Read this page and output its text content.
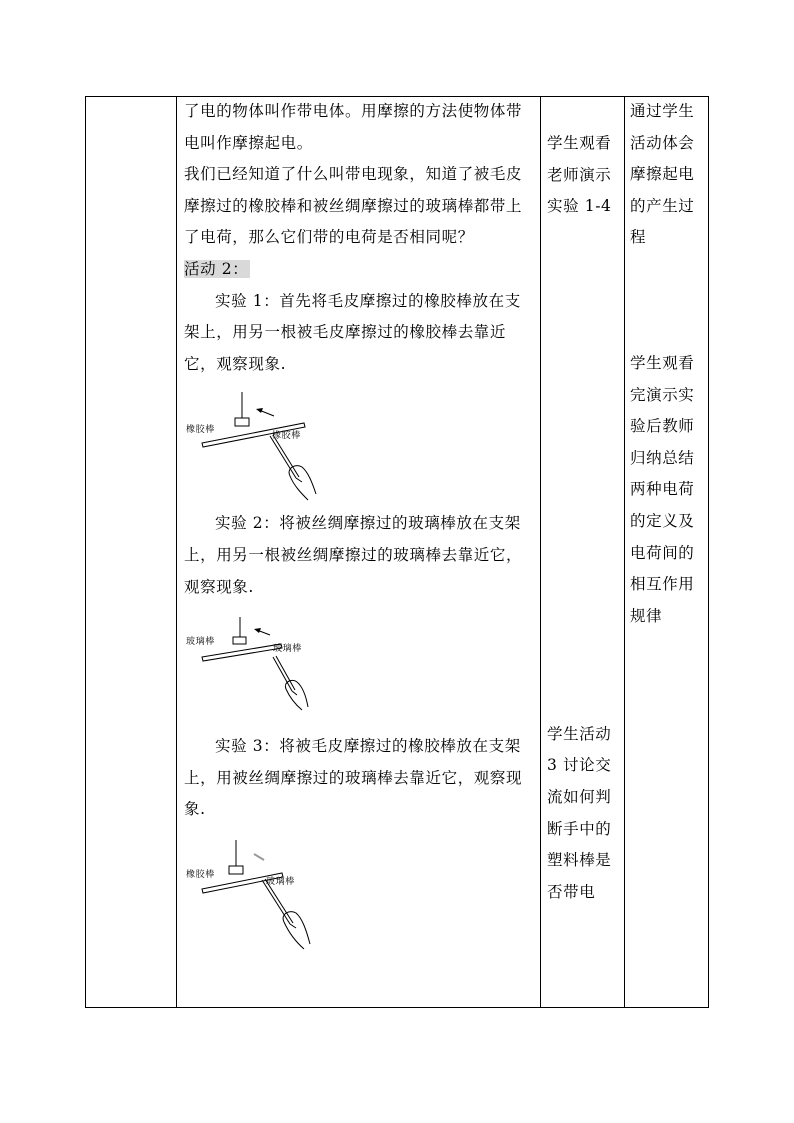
了电的物体叫作带电体。用摩擦的方法使物体带电叫作摩擦起电。

我们已经知道了什么叫带电现象，知道了被毛皮摩擦过的橡胶棒和被丝绸摩擦过的玻璃棒都带上了电荷，那么它们带的电荷是否相同呢？

活动 2：

实验 1：首先将毛皮摩擦过的橡胶棒放在支架上，用另一根被毛皮摩擦过的橡胶棒去靠近它，观察现象.

橡胶棒
橡胶棒

实验 2：将被丝绸摩擦过的玻璃棒放在支架上，用另一根被丝绸摩擦过的玻璃棒去靠近它，观察现象.

玻璃棒
玻璃棒

实验 3：将被毛皮摩擦过的橡胶棒放在支架上，用被丝绸摩擦过的玻璃棒去靠近它，观察现象.

橡胶棒
玻璃棒

学生观看老师演示实验 1-4

学生活动 3 讨论交流如何判断手中的塑料棒是否带电

通过学生活动体会摩擦起电的产生过程

学生观看完演示实验后教师归纳总结两种电荷的定义及电荷间的相互作用规律
